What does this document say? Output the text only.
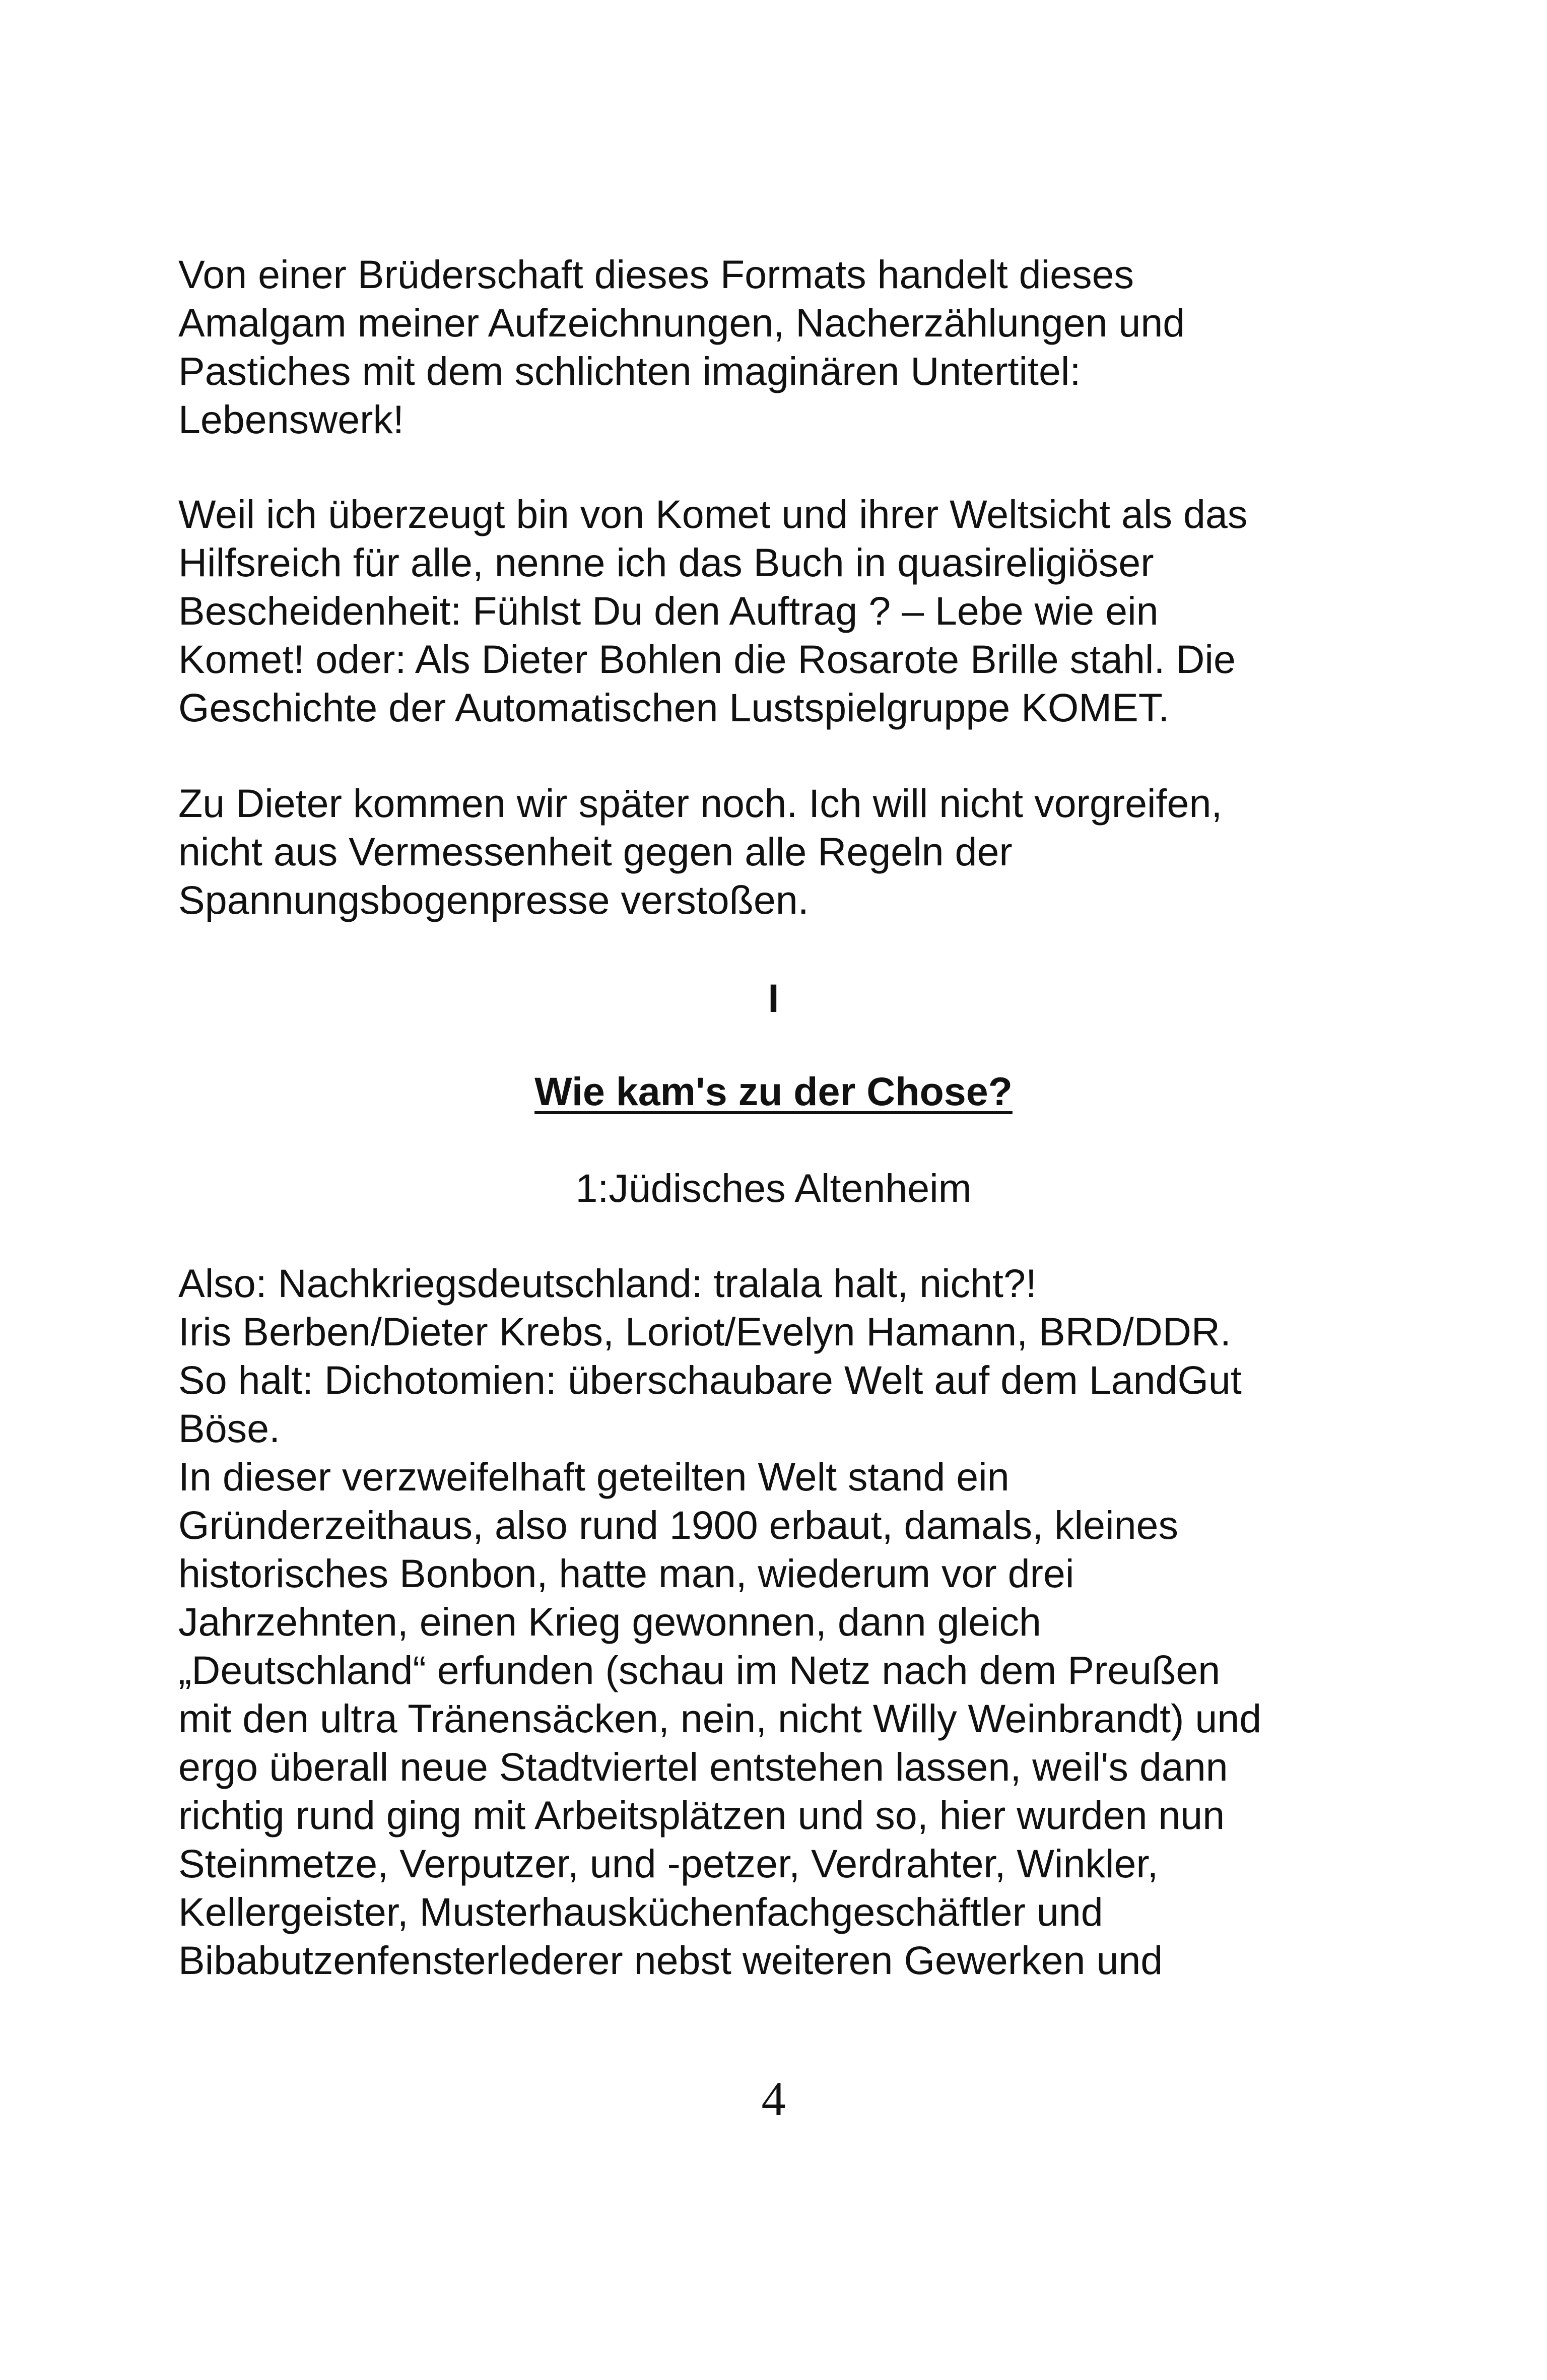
Von einer Brüderschaft dieses Formats handelt dieses
Amalgam meiner Aufzeichnungen, Nacherzählungen und
Pastiches mit dem schlichten imaginären Untertitel:
Lebenswerk!

Weil ich überzeugt bin von Komet und ihrer Weltsicht als das
Hilfsreich für alle, nenne ich das Buch in quasireligiöser
Bescheidenheit: Fühlst Du den Auftrag ? – Lebe wie ein
Komet! oder: Als Dieter Bohlen die Rosarote Brille stahl. Die
Geschichte der Automatischen Lustspielgruppe KOMET.

Zu Dieter kommen wir später noch. Ich will nicht vorgreifen,
nicht aus Vermessenheit gegen alle Regeln der
Spannungsbogenpresse verstoßen.

I

Wie kam's zu der Chose?

1:Jüdisches Altenheim

Also: Nachkriegsdeutschland: tralala halt, nicht?!
Iris Berben/Dieter Krebs, Loriot/Evelyn Hamann, BRD/DDR.
So halt: Dichotomien: überschaubare Welt auf dem LandGut
Böse.
In dieser verzweifelhaft geteilten Welt stand ein
Gründerzeithaus, also rund 1900 erbaut, damals, kleines
historisches Bonbon, hatte man, wiederum vor drei
Jahrzehnten, einen Krieg gewonnen, dann gleich
„Deutschland“ erfunden (schau im Netz nach dem Preußen
mit den ultra Tränensäcken, nein, nicht Willy Weinbrandt) und
ergo überall neue Stadtviertel entstehen lassen, weil's dann
richtig rund ging mit Arbeitsplätzen und so, hier wurden nun
Steinmetze, Verputzer, und -petzer, Verdrahter, Winkler,
Kellergeister, Musterhausküchenfachgeschäftler und
Bibabutzenfensterlederer nebst weiteren Gewerken und

4
